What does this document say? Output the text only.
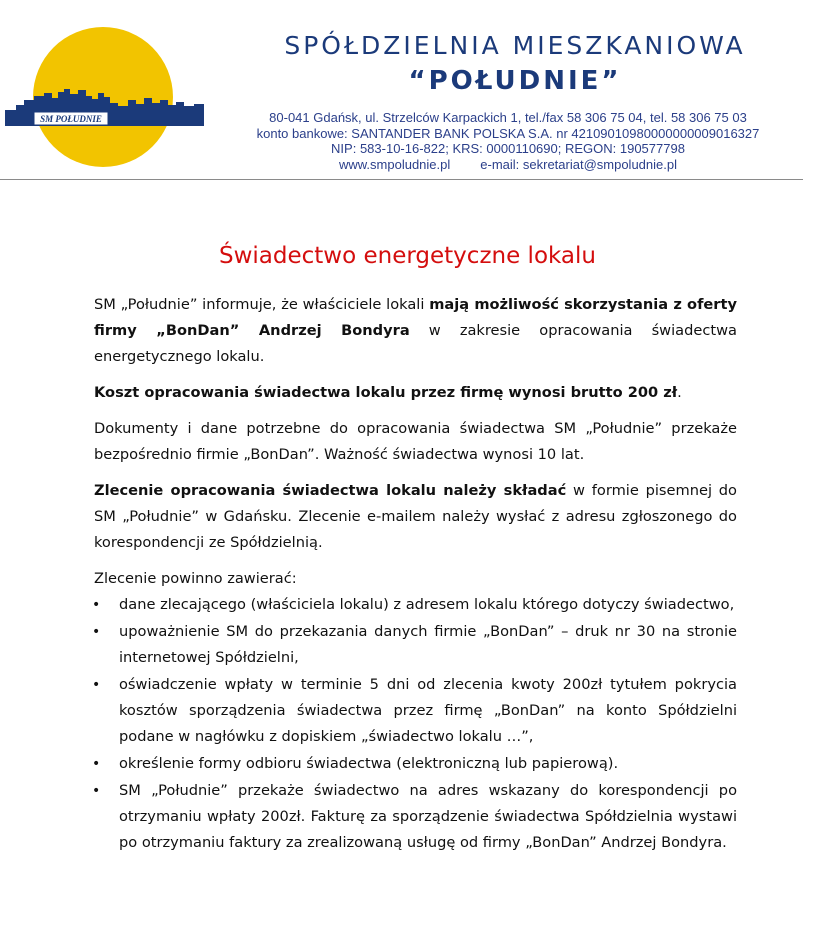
SM POŁUDNIE
SPÓŁDZIELNIA MIESZKANIOWA
“POŁUDNIE”
80-041 Gdańsk, ul. Strzelców Karpackich 1, tel./fax 58 306 75 04, tel. 58 306 75 03
konto bankowe: SANTANDER BANK POLSKA S.A. nr 42109010980000000009016327
NIP: 583-10-16-822; KRS: 0000110690; REGON: 190577798
www.smpoludnie.pl e-mail: sekretariat@smpoludnie.pl
Świadectwo energetyczne lokalu

SM „Południe” informuje, że właściciele lokali mają możliwość skorzystania z oferty firmy „BonDan” Andrzej Bondyra w zakresie opracowania świadectwa energetycznego lokalu.

Koszt opracowania świadectwa lokalu przez firmę wynosi brutto 200 zł.

Dokumenty i dane potrzebne do opracowania świadectwa SM „Południe” przekaże bezpośrednio firmie „BonDan”. Ważność świadectwa wynosi 10 lat.

Zlecenie opracowania świadectwa lokalu należy składać w formie pisemnej do SM „Południe” w Gdańsku. Zlecenie e-mailem należy wysłać z adresu zgłoszonego do korespondencji ze Spółdzielnią.

Zlecenie powinno zawierać:

• dane zlecającego (właściciela lokalu) z adresem lokalu którego dotyczy świadectwo,
• upoważnienie SM do przekazania danych firmie „BonDan” – druk nr 30 na stronie internetowej Spółdzielni,
• oświadczenie wpłaty w terminie 5 dni od zlecenia kwoty 200zł tytułem pokrycia kosztów sporządzenia świadectwa przez firmę „BonDan” na konto Spółdzielni podane w nagłówku z dopiskiem „świadectwo lokalu …”,
• określenie formy odbioru świadectwa (elektroniczną lub papierową).
• SM „Południe” przekaże świadectwo na adres wskazany do korespondencji po otrzymaniu wpłaty 200zł. Fakturę za sporządzenie świadectwa Spółdzielnia wystawi po otrzymaniu faktury za zrealizowaną usługę od firmy „BonDan” Andrzej Bondyra.
